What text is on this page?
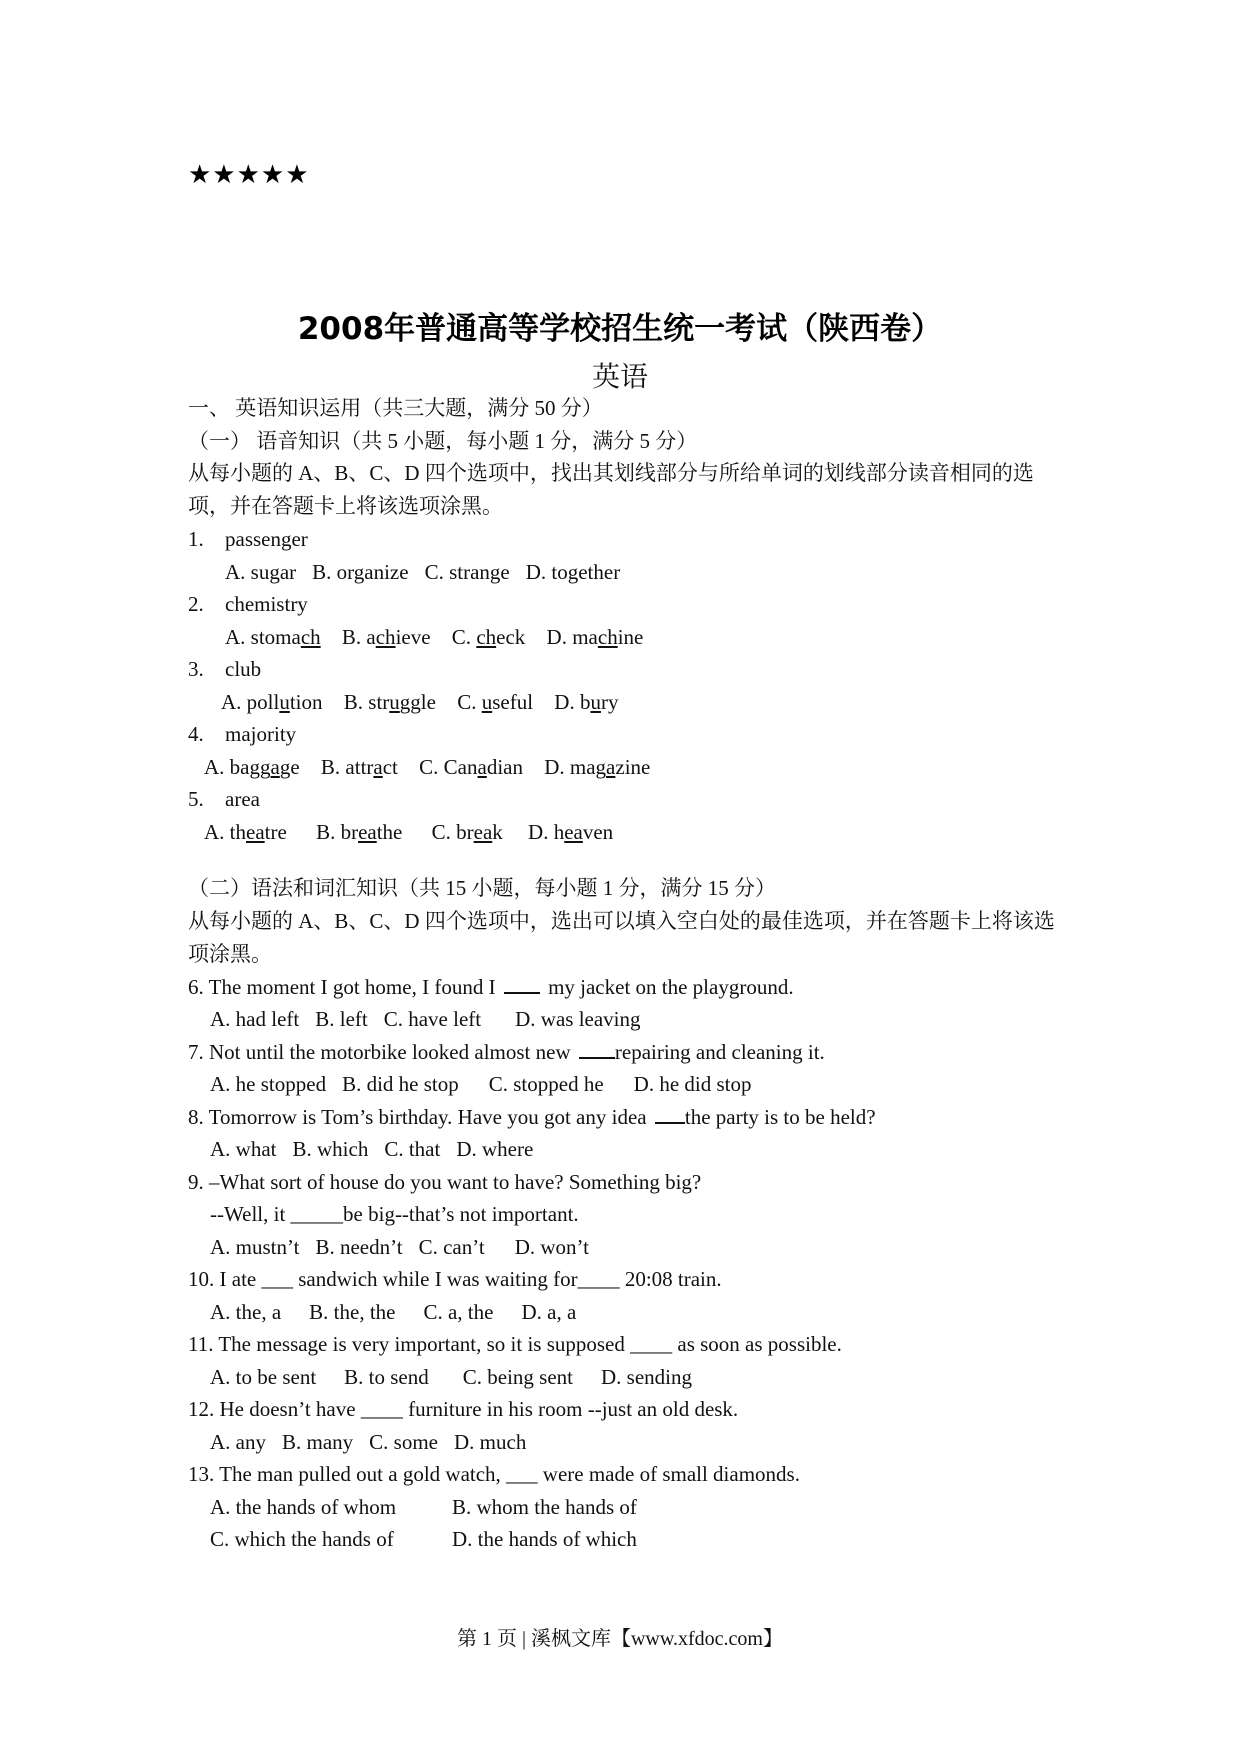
★★★★★
2008年普通高等学校招生统一考试（陕西卷）
英语
一、 英语知识运用（共三大题，满分 50 分）
（一） 语音知识（共 5 小题，每小题 1 分，满分 5 分）
从每小题的 A、B、C、D 四个选项中，找出其划线部分与所给单词的划线部分读音相同的选项，并在答题卡上将该选项涂黑。
1. passenger
A. sugar B. organize C. strange D. together
2. chemistry
A. stomach B. achieve C. check D. machine
3. club
A. pollution B. struggle C. useful D. bury
4. majority
A. baggage B. attract C. Canadian D. magazine
5. area
A. theatre B. breathe C. break D. heaven
（二）语法和词汇知识（共 15 小题，每小题 1 分，满分 15 分）
从每小题的 A、B、C、D 四个选项中，选出可以填入空白处的最佳选项，并在答题卡上将该选项涂黑。
6. The moment I got home, I found I	my jacket on the playground.
A. had left B. left C. have left D. was leaving
7. Not until the motorbike looked almost new repairing and cleaning it.
A. he stopped B. did he stop C. stopped he D. he did stop
8. Tomorrow is Tom’s birthday. Have you got any idea the party is to be held?
A. what B. which C. that D. where
9. –What sort of house do you want to have? Something big?
--Well, it _____be big--that’s not important.
A. mustn’t B. needn’t C. can’t D. won’t
10. I ate ___ sandwich while I was waiting for____ 20:08 train.
A. the, a B. the, the C. a, the D. a, a
11. The message is very important, so it is supposed ____ as soon as possible.
A. to be sent B. to send C. being sent D. sending
12. He doesn’t have ____ furniture in his room --just an old desk.
A. any B. many C. some D. much
13. The man pulled out a gold watch, ___ were made of small diamonds.
A. the hands of whom	B. whom the hands of
C. which the hands of	D. the hands of which
第 1 页 | 溪枫文库【www.xfdoc.com】
